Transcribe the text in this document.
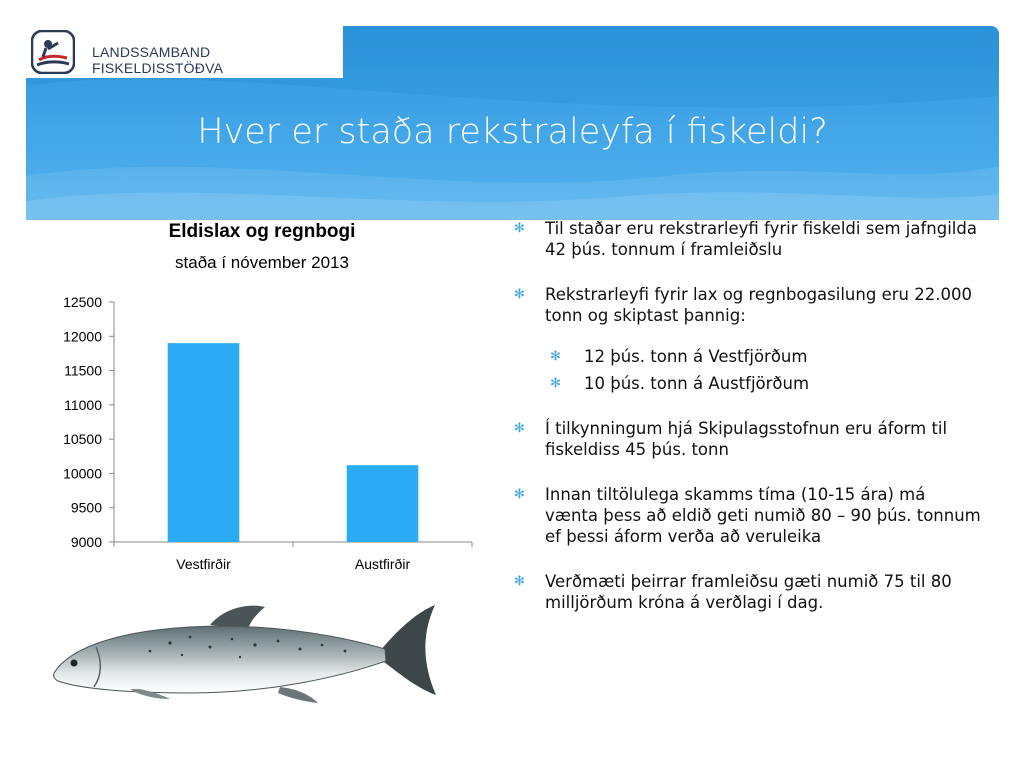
LANDSSAMBAND FISKELDISSTÖÐVA
Hver er staða rekstraleyfa í fiskeldi?
Eldislax og regnbogi
staða í nóvember 2013
9000
9500
10000
10500
11000
11500
12000
12500
Vestfirðir	Austfirðir
✻ Til staðar eru rekstrarleyfi fyrir fiskeldi sem jafngilda 42 þús. tonnum í framleiðslu
✻ Rekstrarleyfi fyrir lax og regnbogasilung eru 22.000 tonn og skiptast þannig:
✻ 12 þús. tonn á Vestfjörðum
✻ 10 þús. tonn á Austfjörðum
✻ Í tilkynningum hjá Skipulagsstofnun eru áform til fiskeldiss 45 þús. tonn
✻ Innan tiltölulega skamms tíma (10-15 ára) má vænta þess að eldið geti numið 80 – 90 þús. tonnum ef þessi áform verða að veruleika
✻ Verðmæti þeirrar framleiðsu gæti numið 75 til 80 milljörðum króna á verðlagi í dag.
